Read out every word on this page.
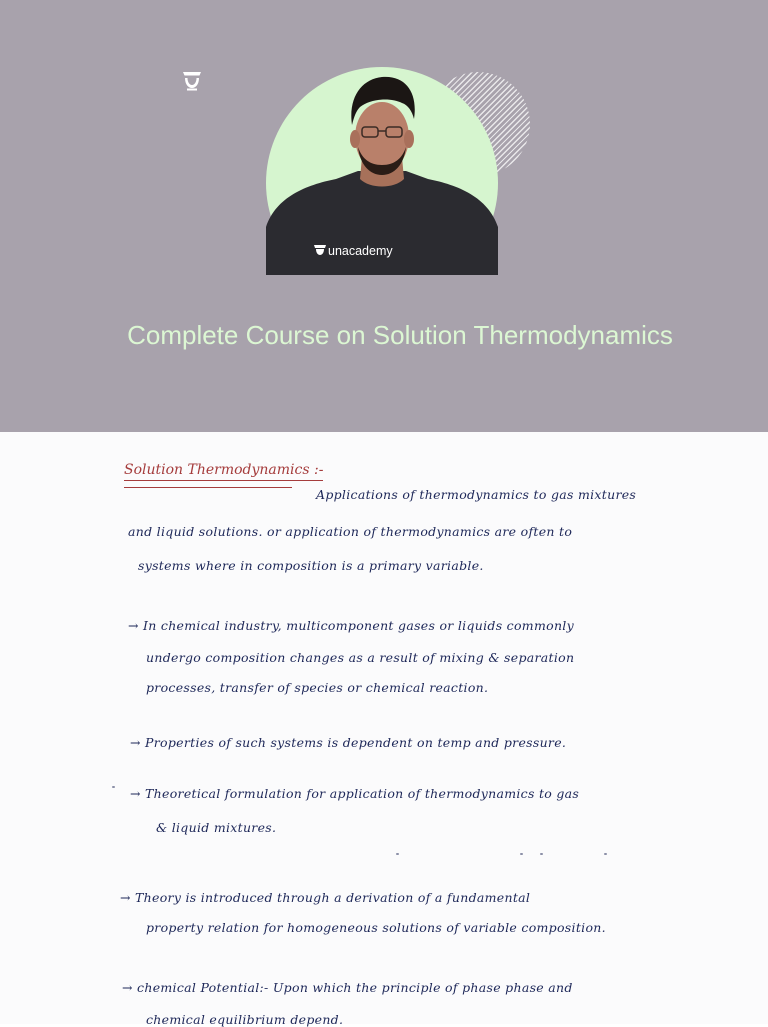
unacademy
Complete Course on Solution Thermodynamics
Solution Thermodynamics :-
Applications of thermodynamics to gas mixtures
and liquid solutions. or application of thermodynamics are often to
systems where in composition is a primary variable.
→ In chemical industry, multicomponent gases or liquids commonly
undergo composition changes as a result of mixing & separation
processes, transfer of species or chemical reaction.
→ Properties of such systems is dependent on temp and pressure.
→ Theoretical formulation for application of thermodynamics to gas
& liquid mixtures.
→ Theory is introduced through a derivation of a fundamental
property relation for homogeneous solutions of variable composition.
→ chemical Potential:- Upon which the principle of phase phase and
chemical equilibrium depend.
